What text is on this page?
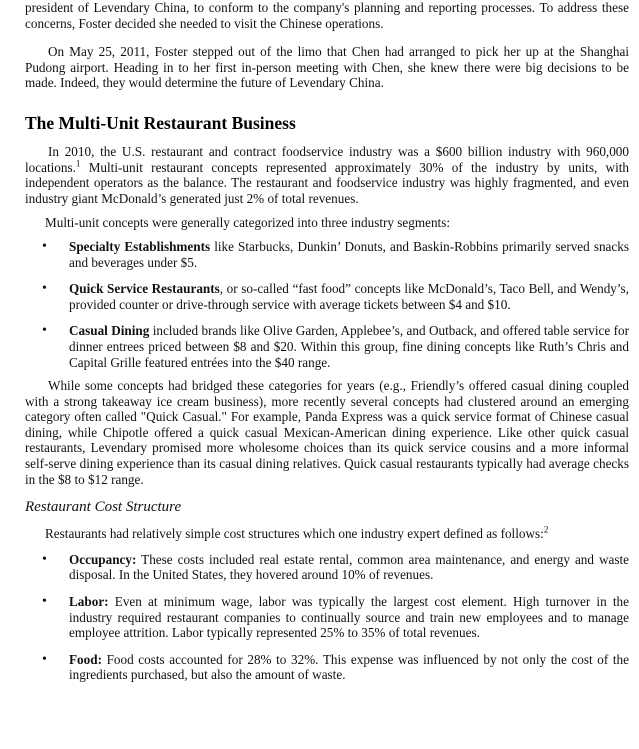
president of Levendary China, to conform to the company's planning and reporting processes. To address these concerns, Foster decided she needed to visit the Chinese operations.

On May 25, 2011, Foster stepped out of the limo that Chen had arranged to pick her up at the Shanghai Pudong airport. Heading in to her first in-person meeting with Chen, she knew there were big decisions to be made. Indeed, they would determine the future of Levendary China.

The Multi-Unit Restaurant Business

In 2010, the U.S. restaurant and contract foodservice industry was a $600 billion industry with 960,000 locations.$^1$ Multi-unit restaurant concepts represented approximately 30% of the industry by units, with independent operators as the balance. The restaurant and foodservice industry was highly fragmented, and even industry giant McDonald’s generated just 2% of total revenues.

Multi-unit concepts were generally categorized into three industry segments:

• Specialty Establishments like Starbucks, Dunkin’ Donuts, and Baskin-Robbins primarily served snacks and beverages under $5.
• Quick Service Restaurants, or so-called “fast food” concepts like McDonald’s, Taco Bell, and Wendy’s, provided counter or drive-through service with average tickets between $4 and $10.
• Casual Dining included brands like Olive Garden, Applebee’s, and Outback, and offered table service for dinner entrees priced between $8 and $20. Within this group, fine dining concepts like Ruth’s Chris and Capital Grille featured entrées into the $40 range.

While some concepts had bridged these categories for years (e.g., Friendly’s offered casual dining coupled with a strong takeaway ice cream business), more recently several concepts had clustered around an emerging category often called "Quick Casual." For example, Panda Express was a quick service format of Chinese casual dining, while Chipotle offered a quick casual Mexican-American dining experience. Like other quick casual restaurants, Levendary promised more wholesome choices than its quick service cousins and a more informal self-serve dining experience than its casual dining relatives. Quick casual restaurants typically had average checks in the $8 to $12 range.

Restaurant Cost Structure

Restaurants had relatively simple cost structures which one industry expert defined as follows:$^2$

• Occupancy: These costs included real estate rental, common area maintenance, and energy and waste disposal. In the United States, they hovered around 10% of revenues.
• Labor: Even at minimum wage, labor was typically the largest cost element. High turnover in the industry required restaurant companies to continually source and train new employees and to manage employee attrition. Labor typically represented 25% to 35% of total revenues.
• Food: Food costs accounted for 28% to 32%. This expense was influenced by not only the cost of the ingredients purchased, but also the amount of waste.
